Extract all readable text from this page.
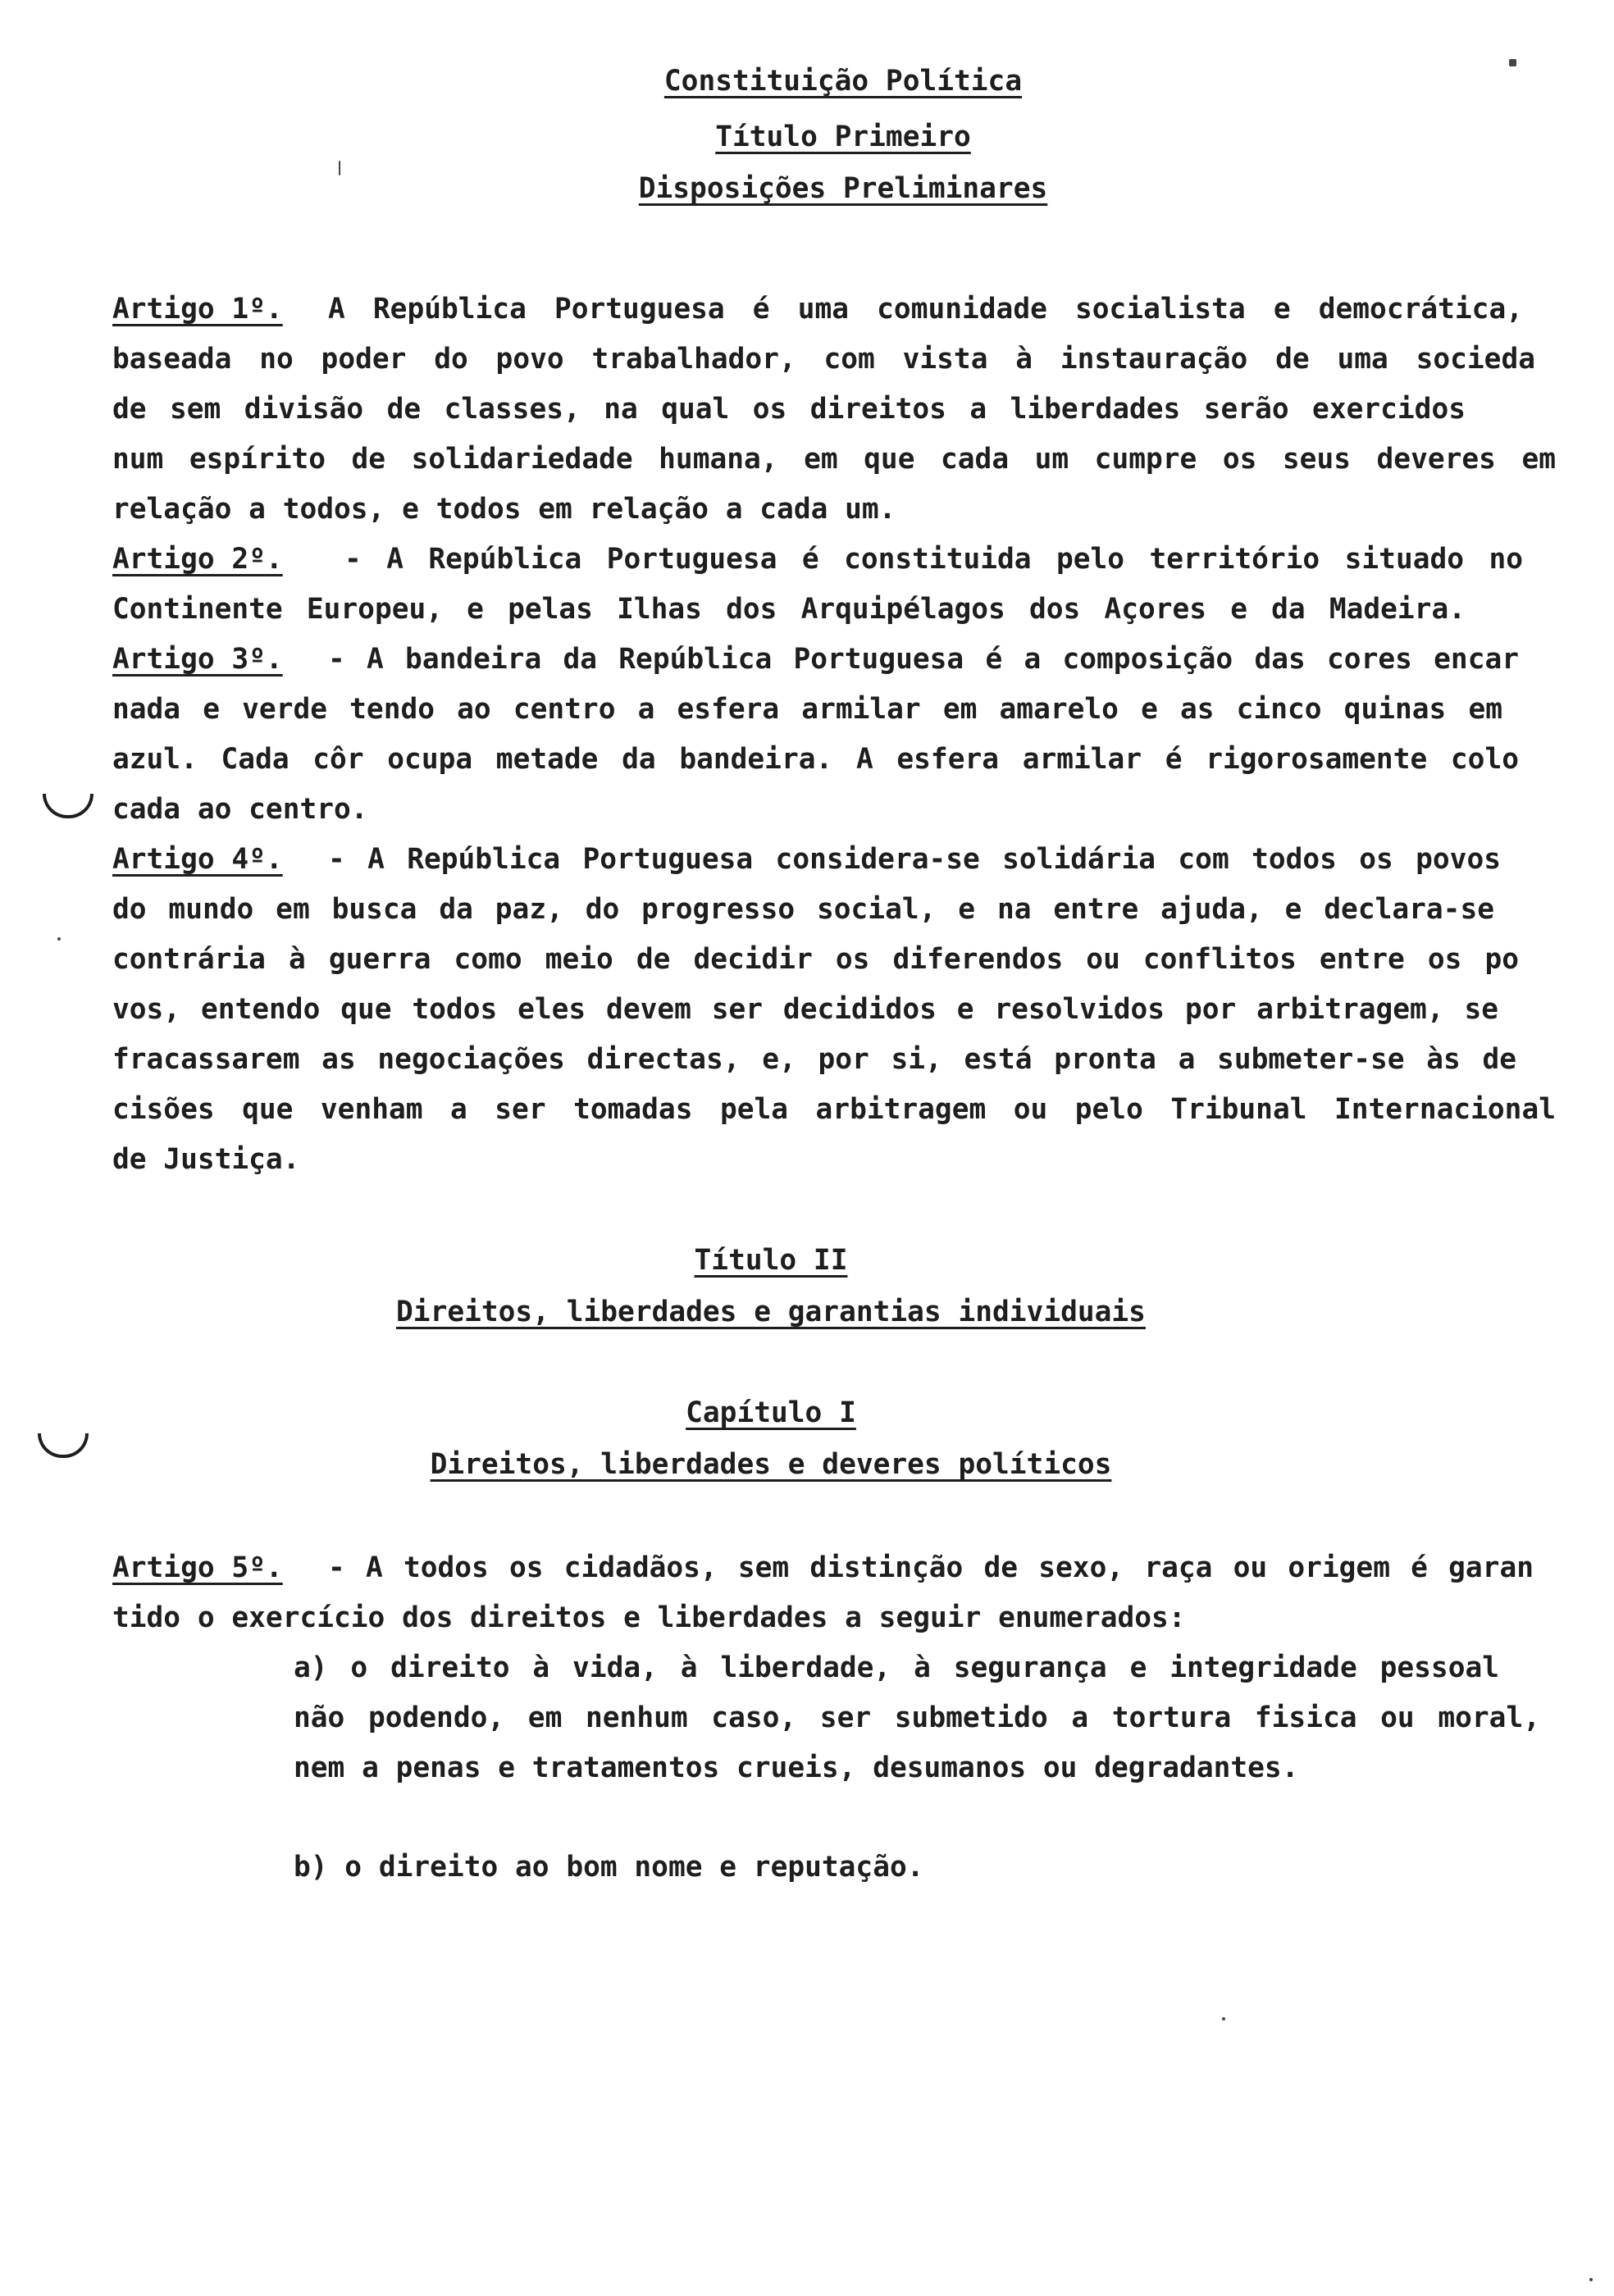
Constituição Política
Título Primeiro
Disposições Preliminares
Artigo 1º. A República Portuguesa é uma comunidade socialista e democrática,
baseada no poder do povo trabalhador, com vista à instauração de uma socieda
de sem divisão de classes, na qual os direitos a liberdades serão exercidos
num espírito de solidariedade humana, em que cada um cumpre os seus deveres em
relação a todos, e todos em relação a cada um.
Artigo 2º. - A República Portuguesa é constituida pelo território situado no
Continente Europeu, e pelas Ilhas dos Arquipélagos dos Açores e da Madeira.
Artigo 3º. - A bandeira da República Portuguesa é a composição das cores encar
nada e verde tendo ao centro a esfera armilar em amarelo e as cinco quinas em
azul. Cada côr ocupa metade da bandeira. A esfera armilar é rigorosamente colo
cada ao centro.
Artigo 4º. - A República Portuguesa considera-se solidária com todos os povos
do mundo em busca da paz, do progresso social, e na entre ajuda, e declara-se
contrária à guerra como meio de decidir os diferendos ou conflitos entre os po
vos, entendo que todos eles devem ser decididos e resolvidos por arbitragem, se
fracassarem as negociações directas, e, por si, está pronta a submeter-se às de
cisões que venham a ser tomadas pela arbitragem ou pelo Tribunal Internacional
de Justiça.
Título II
Direitos, liberdades e garantias individuais
Capítulo I
Direitos, liberdades e deveres políticos
Artigo 5º. - A todos os cidadãos, sem distinção de sexo, raça ou origem é garan
tido o exercício dos direitos e liberdades a seguir enumerados:
a) o direito à vida, à liberdade, à segurança e integridade pessoal
não podendo, em nenhum caso, ser submetido a tortura fisica ou moral,
nem a penas e tratamentos crueis, desumanos ou degradantes.
b) o direito ao bom nome e reputação.
